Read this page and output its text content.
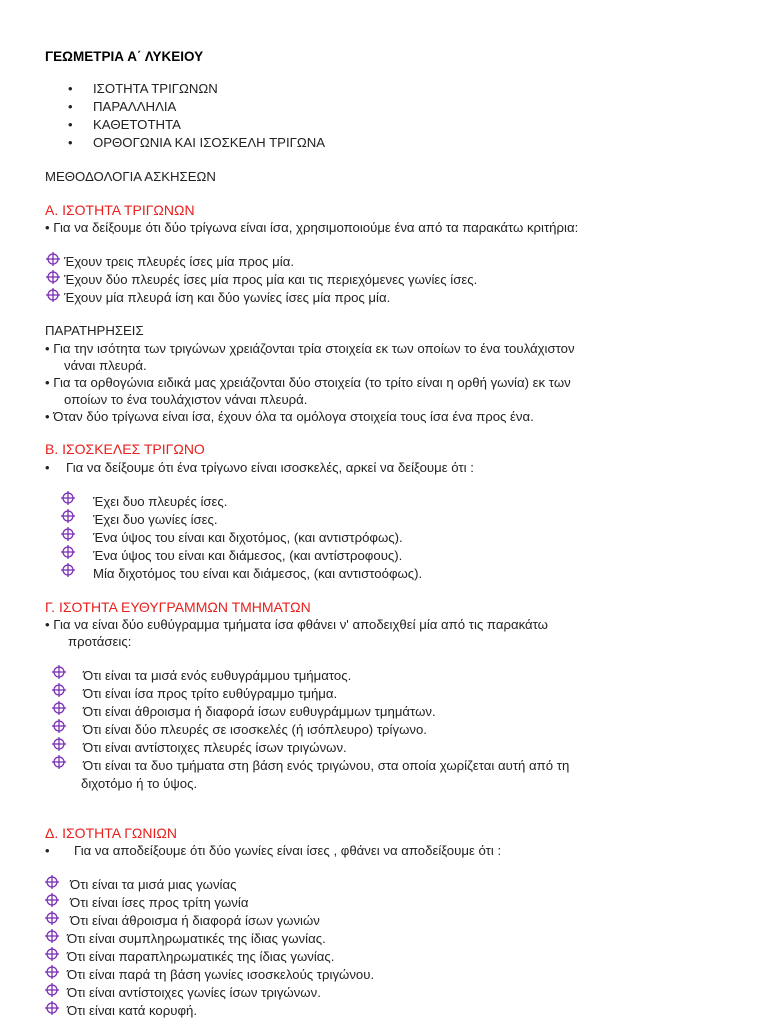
ΓΕΩΜΕΤΡΙΑ Α΄ ΛΥΚΕΙΟΥ
• ΙΣΟΤΗΤΑ ΤΡΙΓΩΝΩΝ
• ΠΑΡΑΛΛΗΛΙΑ
• ΚΑΘΕΤΟΤΗΤΑ
• ΟΡΘΟΓΩΝΙΑ ΚΑΙ ΙΣΟΣΚΕΛΗ ΤΡΙΓΩΝΑ
ΜΕΘΟΔΟΛΟΓΙΑ ΑΣΚΗΣΕΩΝ
Α. ΙΣΟΤΗΤΑ ΤΡΙΓΩΝΩΝ
• Για να δείξουμε ότι δύο τρίγωνα είναι ίσα, χρησιμοποιούμε ένα από τα παρακάτω κριτήρια:
Έχουν τρεις πλευρές ίσες μία προς μία.
Έχουν δύο πλευρές ίσες μία προς μία και τις περιεχόμενες γωνίες ίσες.
Έχουν μία πλευρά ίση και δύο γωνίες ίσες μία προς μία.
ΠΑΡΑΤΗΡΗΣΕΙΣ
• Για την ισότητα των τριγώνων χρειάζονται τρία στοιχεία εκ των οποίων το ένα τουλάχιστον
νάναι πλευρά.
• Για τα ορθογώνια ειδικά μας χρειάζονται δύο στοιχεία (το τρίτο είναι η ορθή γωνία) εκ των
οποίων το ένα τουλάχιστον νάναι πλευρά.
• Όταν δύο τρίγωνα είναι ίσα, έχουν όλα τα ομόλογα στοιχεία τους ίσα ένα προς ένα.
Β. ΙΣΟΣΚΕΛΕΣ ΤΡΙΓΩΝΟ
• Για να δείξουμε ότι ένα τρίγωνο είναι ισοσκελές, αρκεί να δείξουμε ότι :
Έχει δυο πλευρές ίσες.
Έχει δυο γωνίες ίσες.
Ένα ύψος του είναι και διχοτόμος, (και αντιστρόφως).
Ένα ύψος του είναι και διάμεσος, (και αντίστροφους).
Μία διχοτόμος του είναι και διάμεσος, (και αντιστοόφως).
Γ. ΙΣΟΤΗΤΑ ΕΥΘΥΓΡΑΜΜΩΝ ΤΜΗΜΑΤΩΝ
• Για να είναι δύο ευθύγραμμα τμήματα ίσα φθάνει ν' αποδειχθεί μία από τις παρακάτω
προτάσεις:
Ότι είναι τα μισά ενός ευθυγράμμου τμήματος.
Ότι είναι ίσα προς τρίτο ευθύγραμμο τμήμα.
Ότι είναι άθροισμα ή διαφορά ίσων ευθυγράμμων τμημάτων.
Ότι είναι δύο πλευρές σε ισοσκελές (ή ισόπλευρο) τρίγωνο.
Ότι είναι αντίστοιχες πλευρές ίσων τριγώνων.
Ότι είναι τα δυο τμήματα στη βάση ενός τριγώνου, στα οποία χωρίζεται αυτή από τη
διχοτόμο ή το ύψος.
Δ. ΙΣΟΤΗΤΑ ΓΩΝΙΩΝ
• Για να αποδείξουμε ότι δύο γωνίες είναι ίσες , φθάνει να αποδείξουμε ότι :
Ότι είναι τα μισά μιας γωνίας
Ότι είναι ίσες προς τρίτη γωνία
Ότι είναι άθροισμα ή διαφορά ίσων γωνιών
Ότι είναι συμπληρωματικές της ίδιας γωνίας.
Ότι είναι παραπληρωματικές της ίδιας γωνίας.
Ότι είναι παρά τη βάση γωνίες ισοσκελούς τριγώνου.
Ότι είναι αντίστοιχες γωνίες ίσων τριγώνων.
Ότι είναι κατά κορυφή.
